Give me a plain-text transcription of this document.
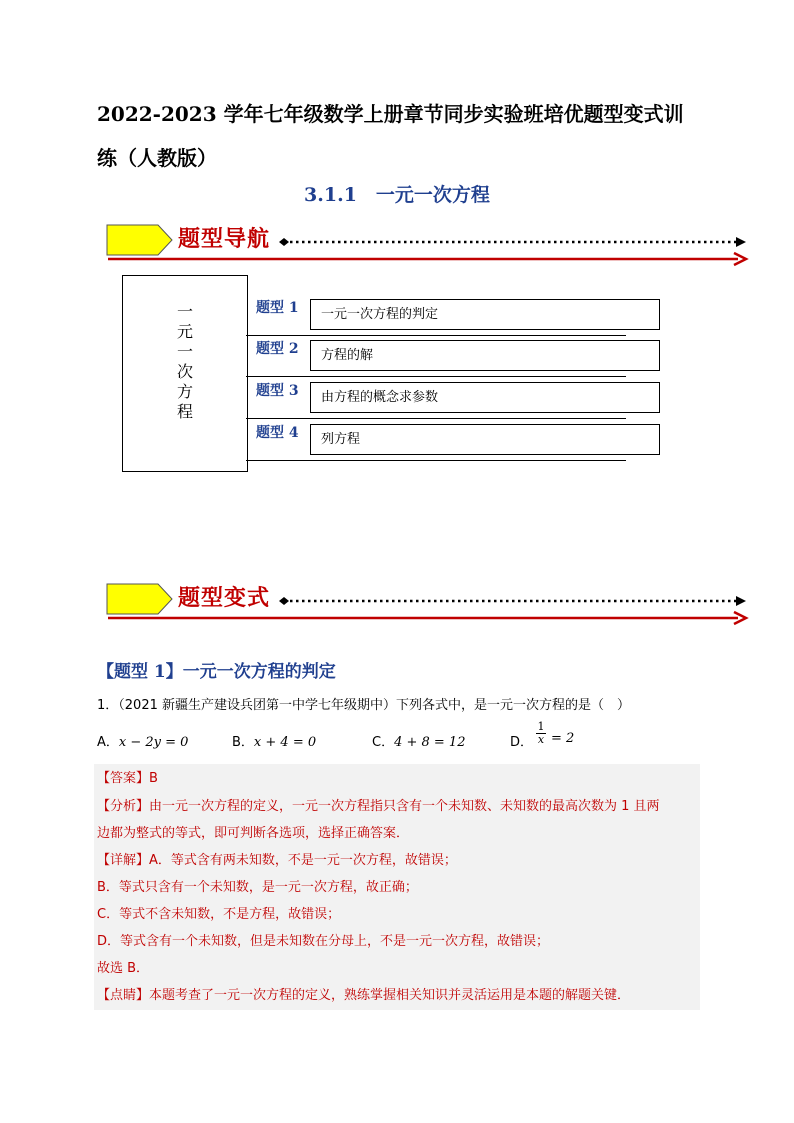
2022-2023 学年七年级数学上册章节同步实验班培优题型变式训
练（人教版）
3.1.1　一元一次方程
题型导航
一
元
一
次
方
程
题型 1	一元一次方程的判定
题型 2	方程的解
题型 3	由方程的概念求参数
题型 4	列方程
题型变式
【题型 1】一元一次方程的判定
1．（2021 新疆生产建设兵团第一中学七年级期中）下列各式中，是一元一次方程的是（　）
A．x − 2y = 0	B．x + 4 = 0	C．4 + 8 = 12	D． $\frac{1}{x} = 2$

【答案】B

【分析】由一元一次方程的定义，一元一次方程指只含有一个未知数、未知数的最高次数为 1 且两

边都为整式的等式，即可判断各选项，选择正确答案．

【详解】A．等式含有两未知数，不是一元一次方程，故错误；

B．等式只含有一个未知数，是一元一次方程，故正确；

C．等式不含未知数，不是方程，故错误；

D．等式含有一个未知数，但是未知数在分母上，不是一元一次方程，故错误；

故选 B．

【点睛】本题考查了一元一次方程的定义，熟练掌握相关知识并灵活运用是本题的解题关键．
